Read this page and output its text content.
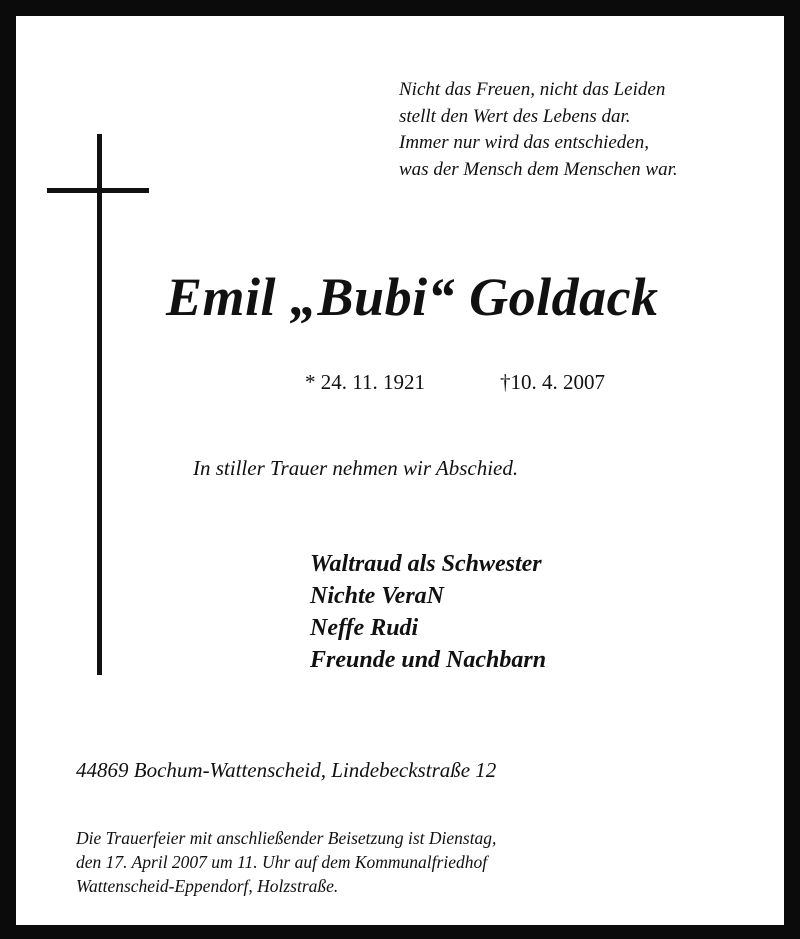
Nicht das Freuen, nicht das Leiden
stellt den Wert des Lebens dar.
Immer nur wird das entschieden,
was der Mensch dem Menschen war.
Emil „Bubi“ Goldack
* 24. 11. 1921	†10. 4. 2007
In stiller Trauer nehmen wir Abschied.
Waltraud als Schwester
Nichte VeraN
Neffe Rudi
Freunde und Nachbarn
44869 Bochum-Wattenscheid, Lindebeckstraße 12
Die Trauerfeier mit anschließender Beisetzung ist Dienstag,
den 17. April 2007 um 11. Uhr auf dem Kommunalfriedhof
Wattenscheid-Eppendorf, Holzstraße.
